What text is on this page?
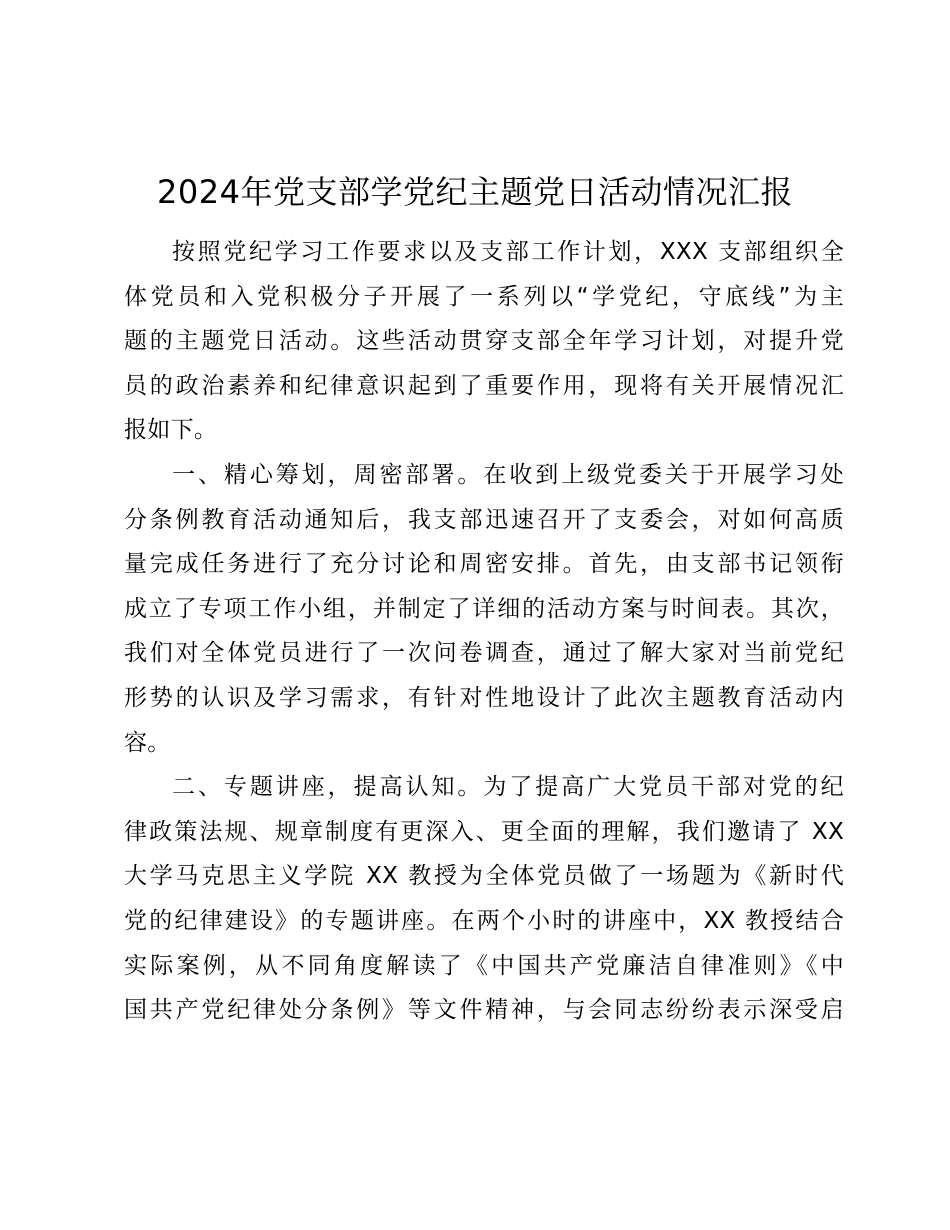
2024年党支部学党纪主题党日活动情况汇报
按照党纪学习工作要求以及支部工作计划，XXX 支部组织全
体党员和入党积极分子开展了一系列以“学党纪，守底线”为主
题的主题党日活动。这些活动贯穿支部全年学习计划，对提升党
员的政治素养和纪律意识起到了重要作用，现将有关开展情况汇
报如下。
一、精心筹划，周密部署。在收到上级党委关于开展学习处
分条例教育活动通知后，我支部迅速召开了支委会，对如何高质
量完成任务进行了充分讨论和周密安排。首先，由支部书记领衔
成立了专项工作小组，并制定了详细的活动方案与时间表。其次，
我们对全体党员进行了一次问卷调查，通过了解大家对当前党纪
形势的认识及学习需求，有针对性地设计了此次主题教育活动内
容。
二、专题讲座，提高认知。为了提高广大党员干部对党的纪
律政策法规、规章制度有更深入、更全面的理解，我们邀请了 XX
大学马克思主义学院 XX 教授为全体党员做了一场题为《新时代
党的纪律建设》的专题讲座。在两个小时的讲座中，XX 教授结合
实际案例，从不同角度解读了《中国共产党廉洁自律准则》《中
国共产党纪律处分条例》等文件精神，与会同志纷纷表示深受启
